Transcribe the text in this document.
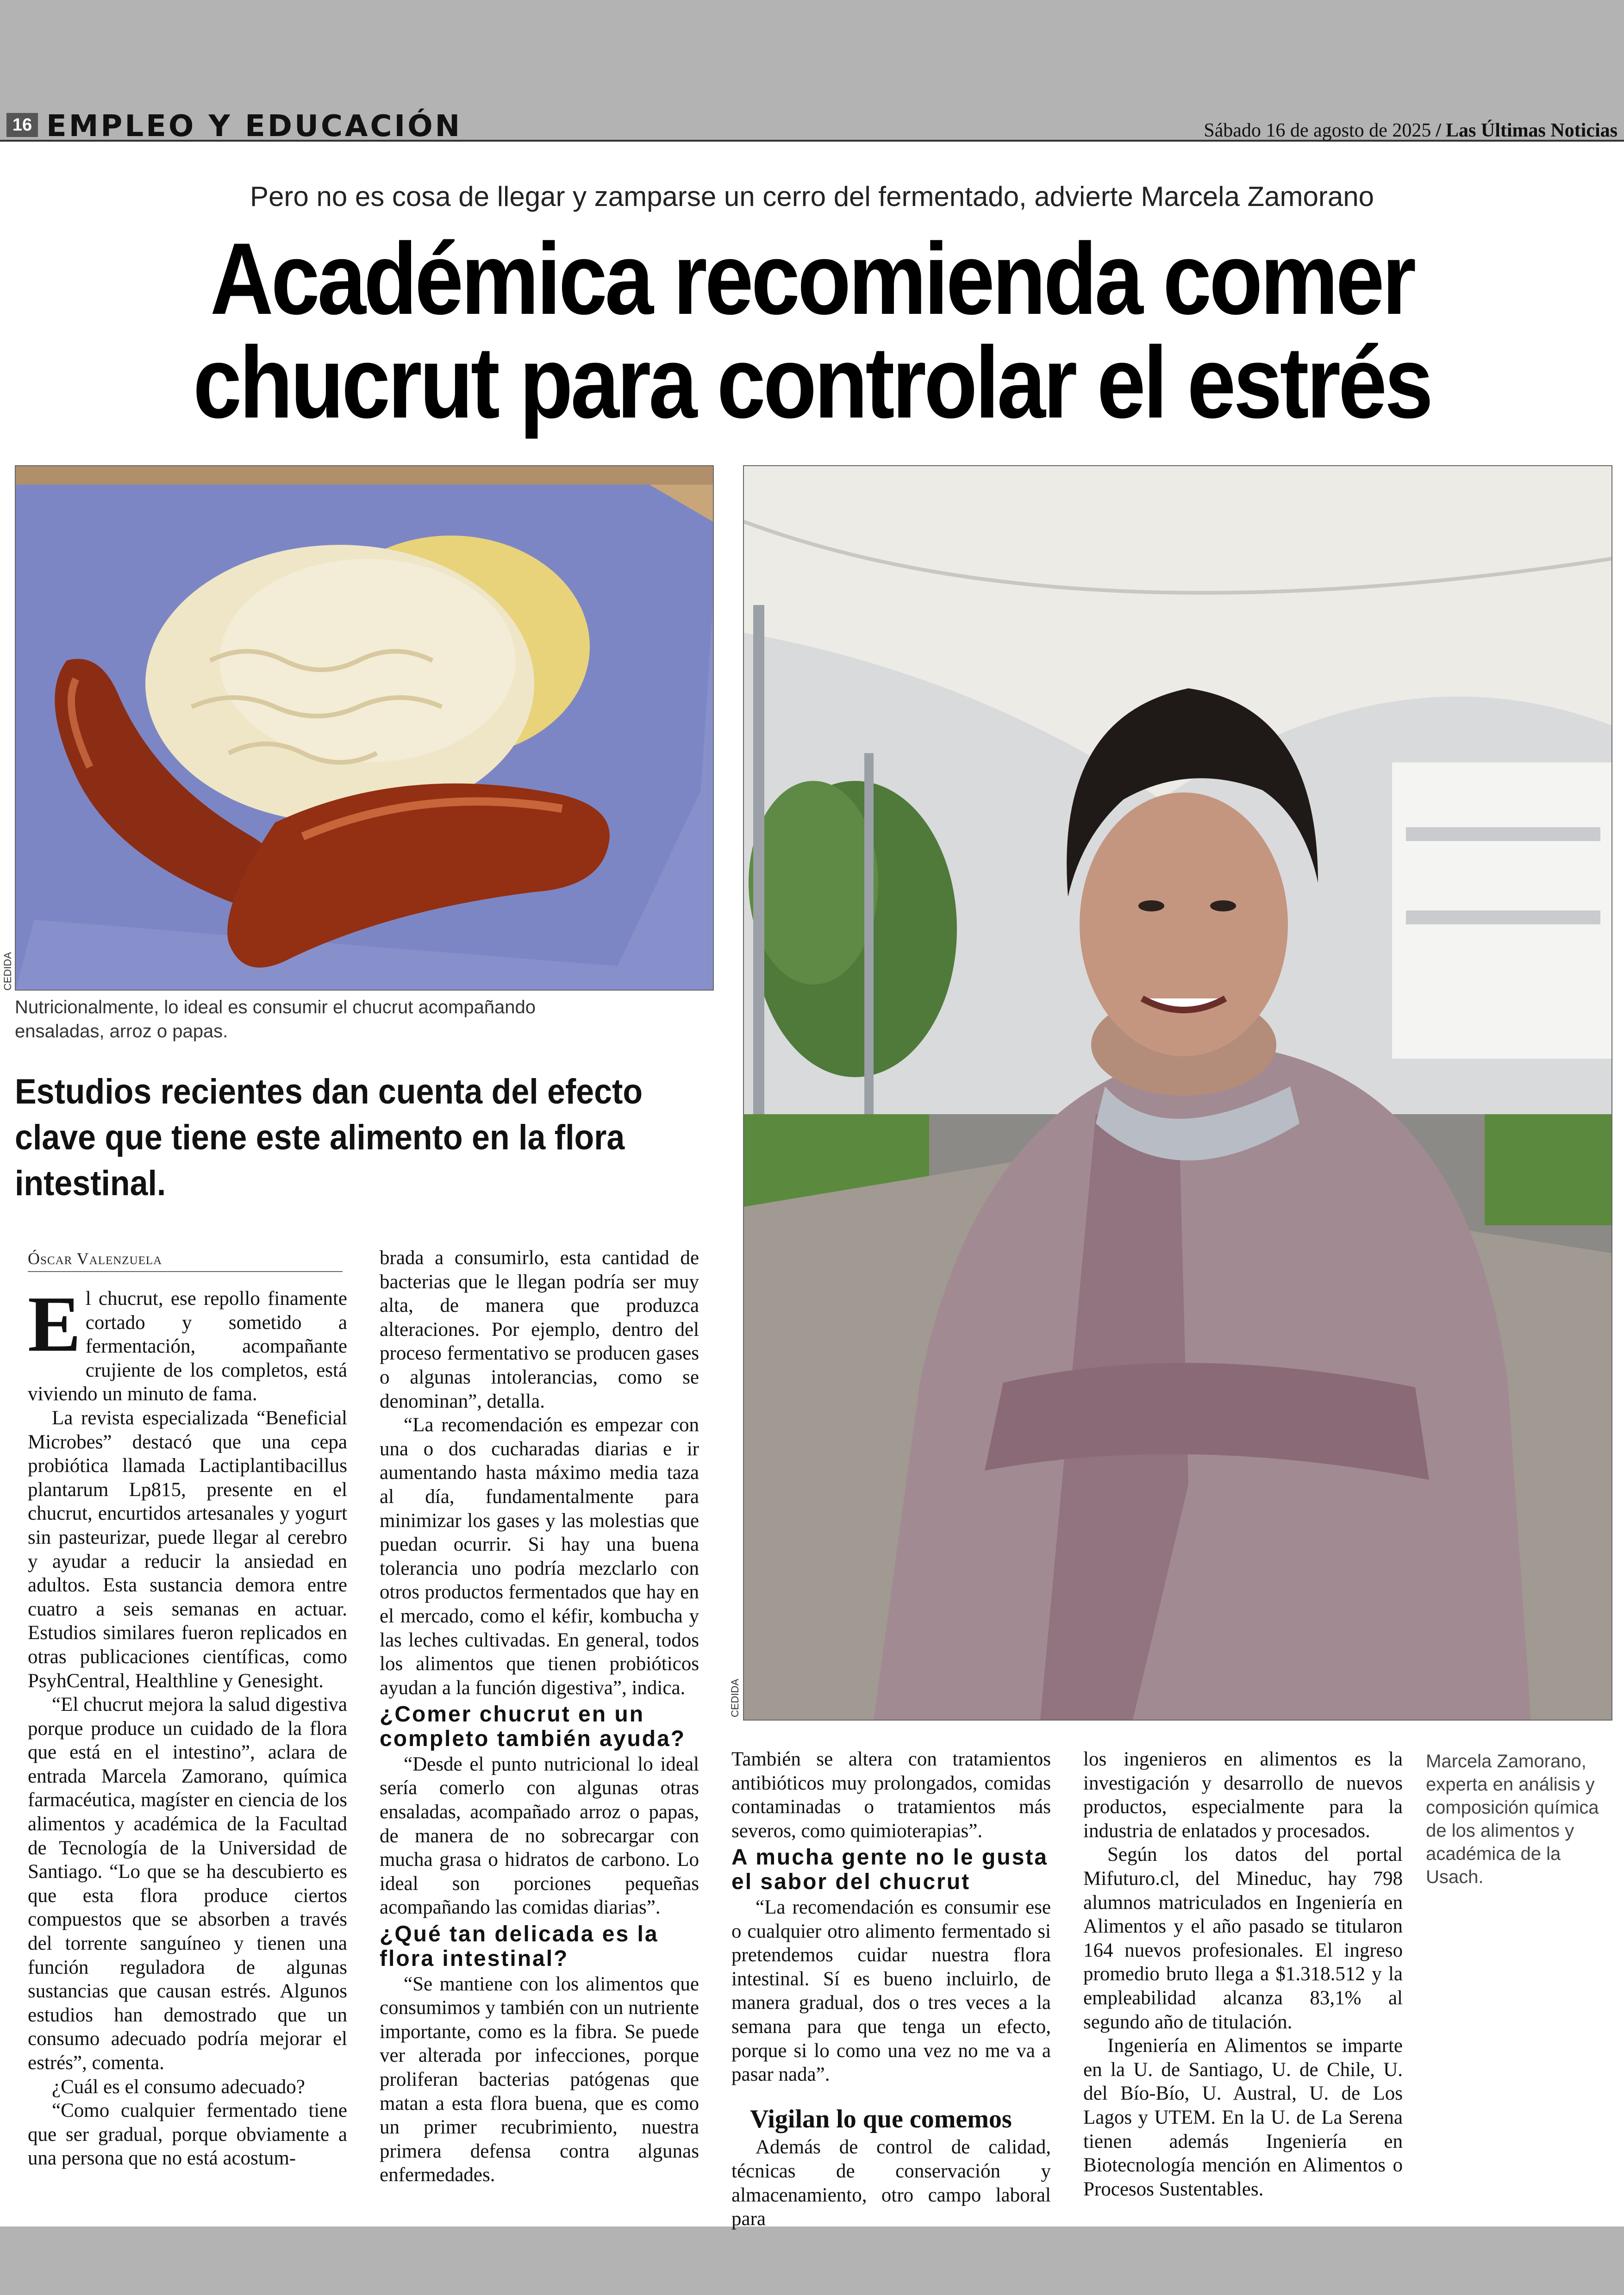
16 EMPLEO Y EDUCACIÓN	Sábado 16 de agosto de 2025 / Las Últimas Noticias
Pero no es cosa de llegar y zamparse un cerro del fermentado, advierte Marcela Zamorano
Académica recomienda comer
chucrut para controlar el estrés
CEDIDA
Nutricionalmente, lo ideal es consumir el chucrut acompañando ensaladas, arroz o papas.
CEDIDA
Estudios recientes dan cuenta del efecto clave que tiene este alimento en la flora intestinal.
Óscar Valenzuela

El chucrut, ese repollo finamente cortado y sometido a fermentación, acompañante crujiente de los completos, está viviendo un minuto de fama.

La revista especializada “Beneficial Microbes” destacó que una cepa probiótica llamada Lactiplantibacillus plantarum Lp815, presente en el chucrut, encurtidos artesanales y yogurt sin pasteurizar, puede llegar al cerebro y ayudar a reducir la ansiedad en adultos. Esta sustancia demora entre cuatro a seis semanas en actuar. Estudios similares fueron replicados en otras publicaciones científicas, como PsyhCentral, Healthline y Genesight.

“El chucrut mejora la salud digestiva porque produce un cuidado de la flora que está en el intestino”, aclara de entrada Marcela Zamorano, química farmacéutica, magíster en ciencia de los alimentos y académica de la Facultad de Tecnología de la Universidad de Santiago. “Lo que se ha descubierto es que esta flora produce ciertos compuestos que se absorben a través del torrente sanguíneo y tienen una función reguladora de algunas sustancias que causan estrés. Algunos estudios han demostrado que un consumo adecuado podría mejorar el estrés”, comenta.

¿Cuál es el consumo adecuado?

“Como cualquier fermentado tiene que ser gradual, porque obviamente a una persona que no está acostum-

brada a consumirlo, esta cantidad de bacterias que le llegan podría ser muy alta, de manera que produzca alteraciones. Por ejemplo, dentro del proceso fermentativo se producen gases o algunas intolerancias, como se denominan”, detalla.

“La recomendación es empezar con una o dos cucharadas diarias e ir aumentando hasta máximo media taza al día, fundamentalmente para minimizar los gases y las molestias que puedan ocurrir. Si hay una buena tolerancia uno podría mezclarlo con otros productos fermentados que hay en el mercado, como el kéfir, kombucha y las leches cultivadas. En general, todos los alimentos que tienen probióticos ayudan a la función digestiva”, indica.

¿Comer chucrut en un completo también ayuda?

“Desde el punto nutricional lo ideal sería comerlo con algunas otras ensaladas, acompañado arroz o papas, de manera de no sobrecargar con mucha grasa o hidratos de carbono. Lo ideal son porciones pequeñas acompañando las comidas diarias”.

¿Qué tan delicada es la flora intestinal?

“Se mantiene con los alimentos que consumimos y también con un nutriente importante, como es la fibra. Se puede ver alterada por infecciones, porque proliferan bacterias patógenas que matan a esta flora buena, que es como un primer recubrimiento, nuestra primera defensa contra algunas enfermedades.

También se altera con tratamientos antibióticos muy prolongados, comidas contaminadas o tratamientos más severos, como quimioterapias”.

A mucha gente no le gusta el sabor del chucrut

“La recomendación es consumir ese o cualquier otro alimento fermentado si pretendemos cuidar nuestra flora intestinal. Sí es bueno incluirlo, de manera gradual, dos o tres veces a la semana para que tenga un efecto, porque si lo como una vez no me va a pasar nada”.

Vigilan lo que comemos

Además de control de calidad, técnicas de conservación y almacenamiento, otro campo laboral para

los ingenieros en alimentos es la investigación y desarrollo de nuevos productos, especialmente para la industria de enlatados y procesados.

Según los datos del portal Mifuturo.cl, del Mineduc, hay 798 alumnos matriculados en Ingeniería en Alimentos y el año pasado se titularon 164 nuevos profesionales. El ingreso promedio bruto llega a $1.318.512 y la empleabilidad alcanza 83,1% al segundo año de titulación.

Ingeniería en Alimentos se imparte en la U. de Santiago, U. de Chile, U. del Bío-Bío, U. Austral, U. de Los Lagos y UTEM. En la U. de La Serena tienen además Ingeniería en Biotecnología mención en Alimentos o Procesos Sustentables.

Marcela Zamorano, experta en análisis y composición química de los alimentos y académica de la Usach.
